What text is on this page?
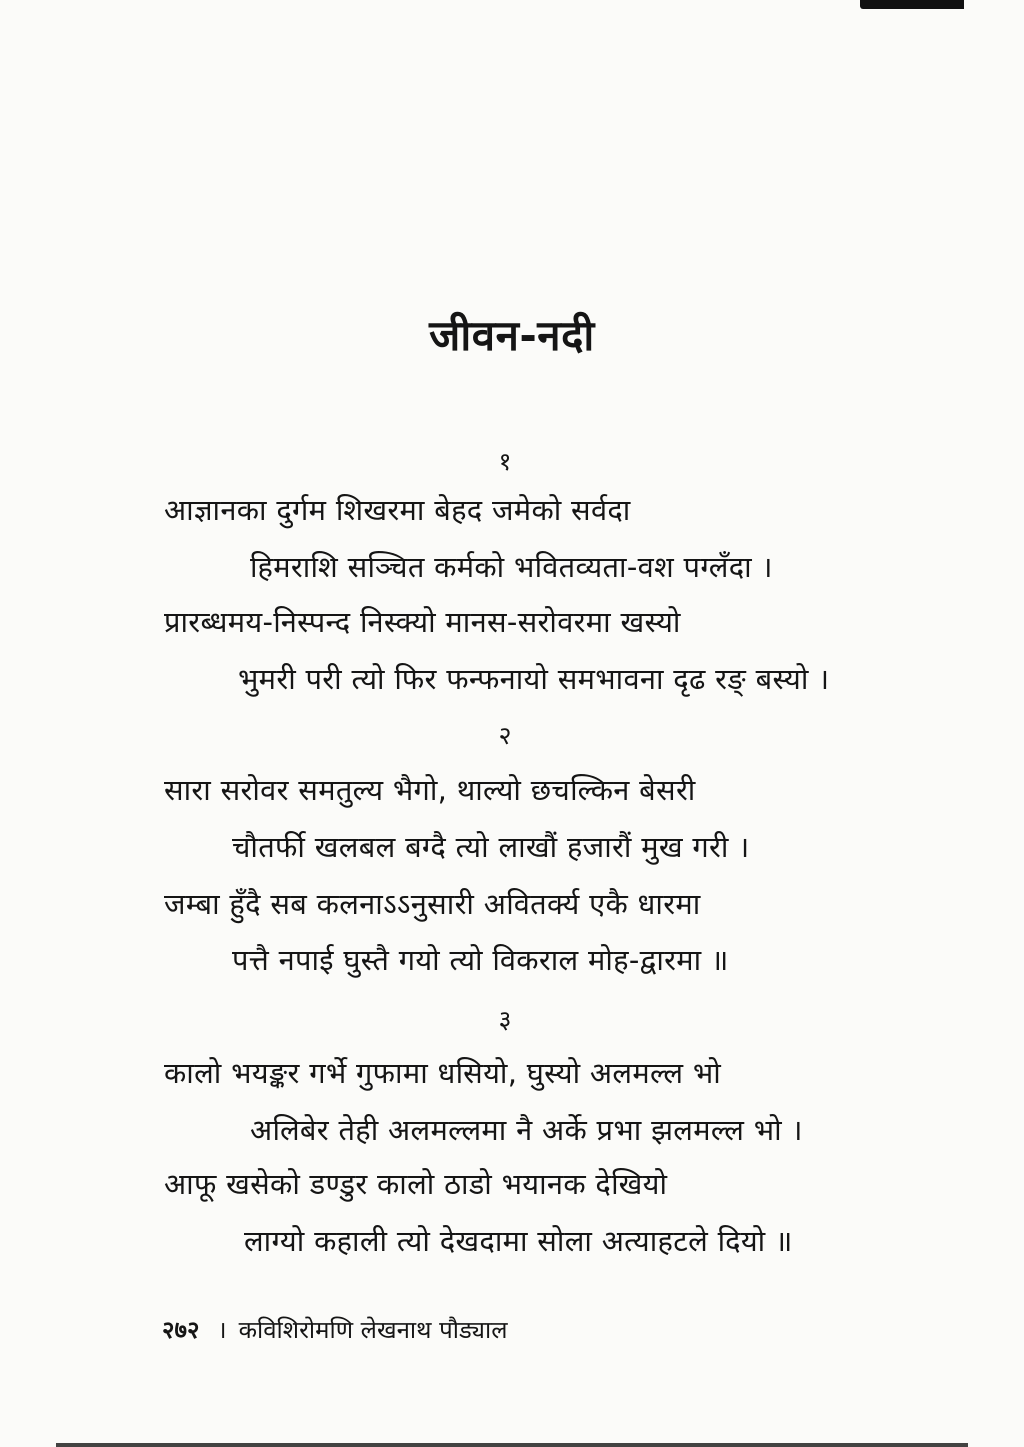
जीवन-नदी
१
आज्ञानका दुर्गम शिखरमा बेहद जमेको सर्वदा
हिमराशि सञ्चित कर्मको भवितव्यता-वश पग्लँदा ।
प्रारब्धमय-निस्पन्द निस्क्यो मानस-सरोवरमा खस्यो
भुमरी परी त्यो फिर फन्फनायो समभावना दृढ रङ् बस्यो ।
२
सारा सरोवर समतुल्य भैगो, थाल्यो छचल्किन बेसरी
चौतर्फी खलबल बग्दै त्यो लाखौं हजारौं मुख गरी ।
जम्बा हुँदै सब कलनाऽऽनुसारी अवितर्क्य एकै धारमा
पत्तै नपाई घुस्तै गयो त्यो विकराल मोह-द्वारमा ॥
३
कालो भयङ्कर गर्भे गुफामा धसियो, घुस्यो अलमल्ल भो
अलिबेर तेही अलमल्लमा नै अर्के प्रभा झलमल्ल भो ।
आफू खसेको डण्डुर कालो ठाडो भयानक देखियो
लाग्यो कहाली त्यो देखदामा सोला अत्याहटले दियो ॥
२७२ । कविशिरोमणि लेखनाथ पौड्याल
